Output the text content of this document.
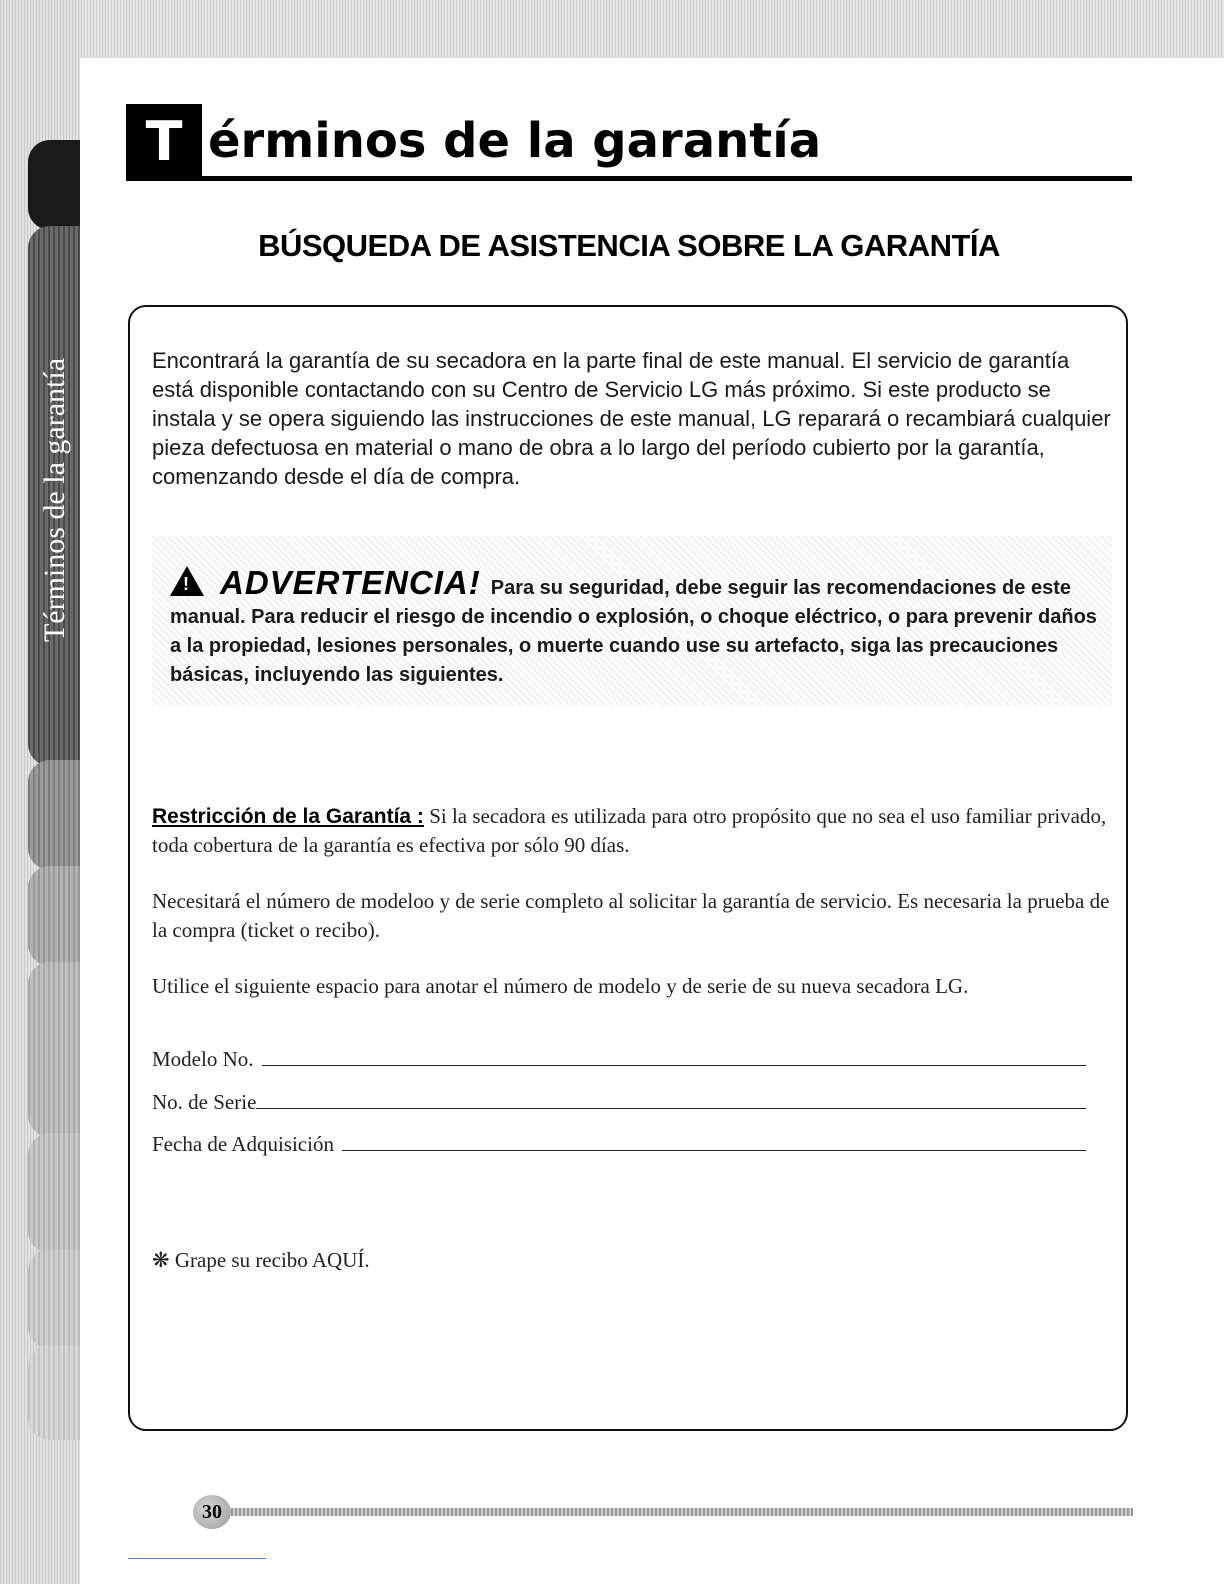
Términos de la garantía
T érminos de la garantía
BÚSQUEDA DE ASISTENCIA SOBRE LA GARANTÍA
Encontrará la garantía de su secadora en la parte final de este manual. El servicio de garantía está disponible contactando con su Centro de Servicio LG más próximo. Si este producto se instala y se opera siguiendo las instrucciones de este manual, LG reparará o recambiará cualquier pieza defectuosa en material o mano de obra a lo largo del período cubierto por la garantía, comenzando desde el día de compra.
!ADVERTENCIA! Para su seguridad, debe seguir las recomendaciones de este manual. Para reducir el riesgo de incendio o explosión, o choque eléctrico, o para prevenir daños a la propiedad, lesiones personales, o muerte cuando use su artefacto, siga las precauciones básicas, incluyendo las siguientes.
Restricción de la Garantía : Si la secadora es utilizada para otro propósito que no sea el uso familiar privado, toda cobertura de la garantía es efectiva por sólo 90 días.
Necesitará el número de modeloo y de serie completo al solicitar la garantía de servicio. Es necesaria la prueba de la compra (ticket o recibo).
Utilice el siguiente espacio para anotar el número de modelo y de serie de su nueva secadora LG.
Modelo No.
No. de Serie
Fecha de Adquisición
❋ Grape su recibo AQUÍ.
30
